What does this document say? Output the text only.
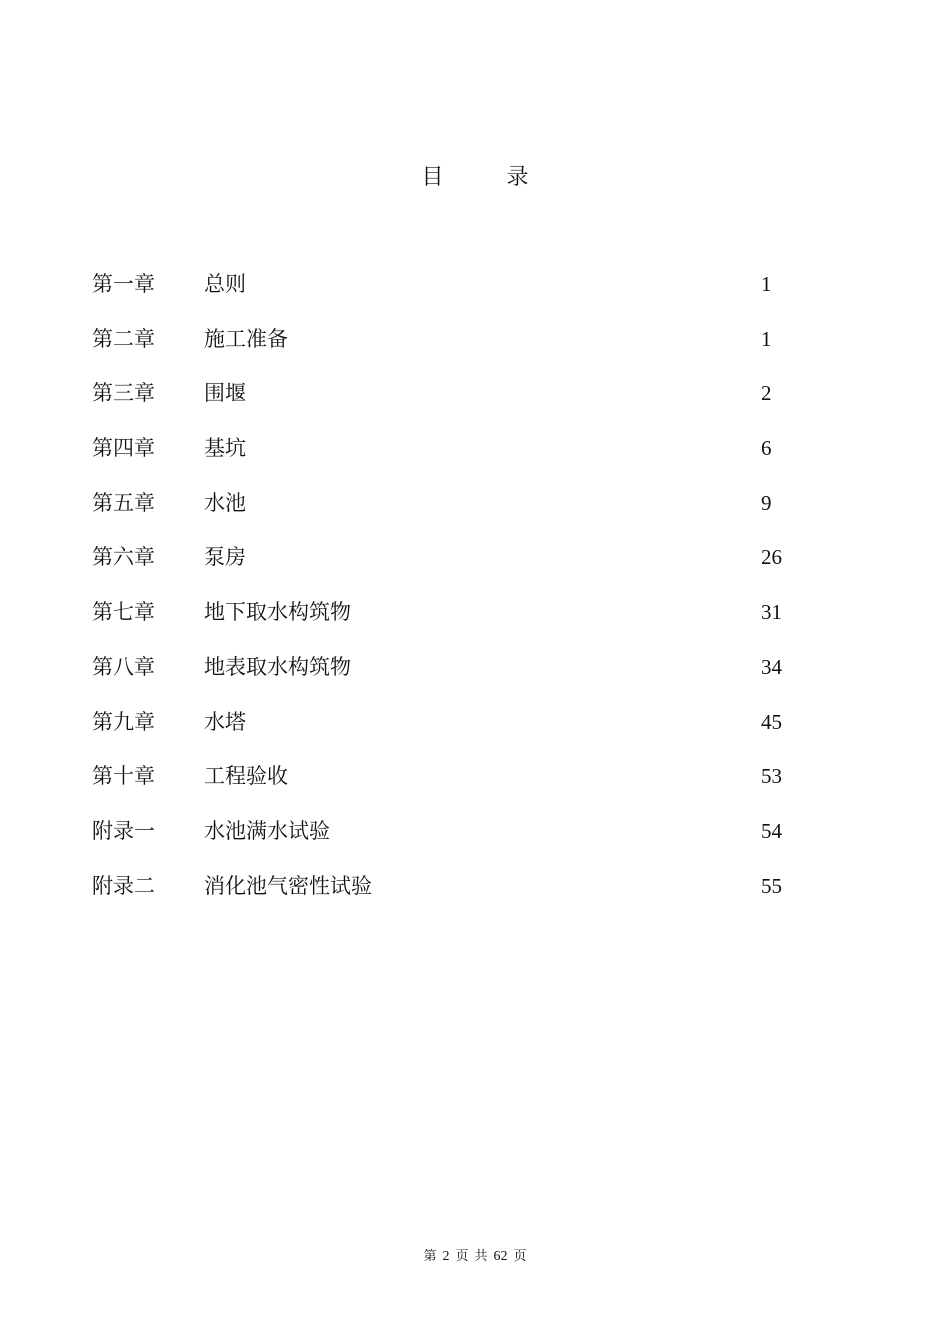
目 录
第一章 总则	1
第二章 施工准备	1
第三章 围堰	2
第四章 基坑	6
第五章 水池	9
第六章 泵房	26
第七章 地下取水构筑物	31
第八章 地表取水构筑物	34
第九章 水塔	45
第十章 工程验收	53
附录一 水池满水试验	54
附录二 消化池气密性试验	55
第 2 页 共 62 页
